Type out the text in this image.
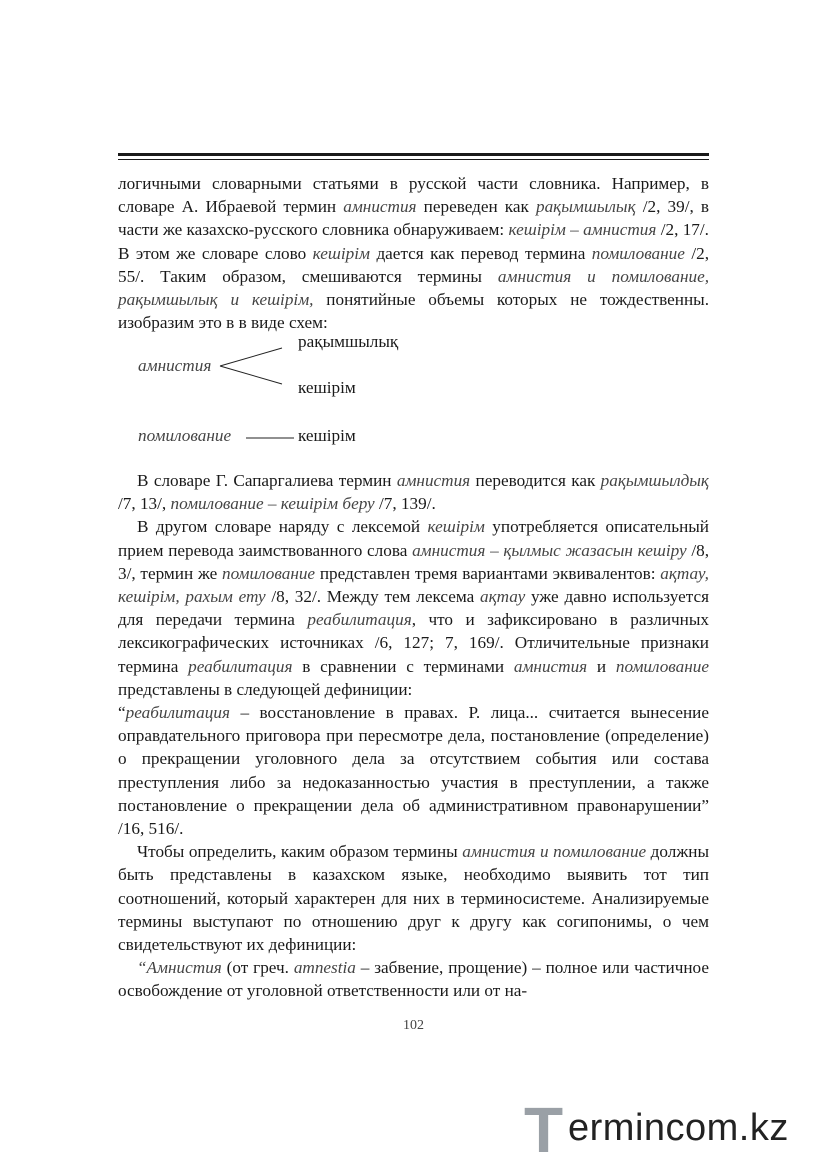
логичными словарными статьями в русской части словника. Например, в словаре А. Ибраевой термин амнистия переведен как рақымшылық /2, 39/, в части же казахско-русского словника обнаруживаем: кешірім – амнистия /2, 17/. В этом же словаре слово кешірім дается как перевод термина помилование /2, 55/. Таким образом, смешиваются термины амнистия и помилование, рақымшылық и кешірім, понятийные объемы которых не тождественны. изобразим это в в виде схем:

рақымшылық
амнистия
кешірім
помилование	кешірім

В словаре Г. Сапаргалиева термин амнистия переводится как рақымшылдық /7, 13/, помилование – кешірім беру /7, 139/.

В другом словаре наряду с лексемой кешірім употребляется описательный прием перевода заимствованного слова амнистия – қылмыс жазасын кешіру /8, 3/, термин же помилование представлен тремя вариантами эквивалентов: ақтау, кешірім, рахым ету /8, 32/. Между тем лексема ақтау уже давно используется для передачи термина реабилитация, что и зафиксировано в различных лексикографических источниках /6, 127; 7, 169/. Отличительные признаки термина реабилитация в сравнении с терминами амнистия и помилование представлены в следующей дефиниции:

“реабилитация – восстановление в правах. Р. лица... считается вынесение оправдательного приговора при пересмотре дела, постановление (определение) о прекращении уголовного дела за отсутствием события или состава преступления либо за недоказанностью участия в преступлении, а также постановление о прекращении дела об административном правонарушении” /16, 516/.

Чтобы определить, каким образом термины амнистия и помилование должны быть представлены в казахском языке, необходимо выявить тот тип соотношений, который характерен для них в терминосистеме. Анализируемые термины выступают по отношению друг к другу как согипонимы, о чем свидетельствуют их дефиниции:

“Амнистия (от греч. amnestia – забвение, прощение) – полное или частичное освобождение от уголовной ответственности или от на-

102
T ermincom.kz
